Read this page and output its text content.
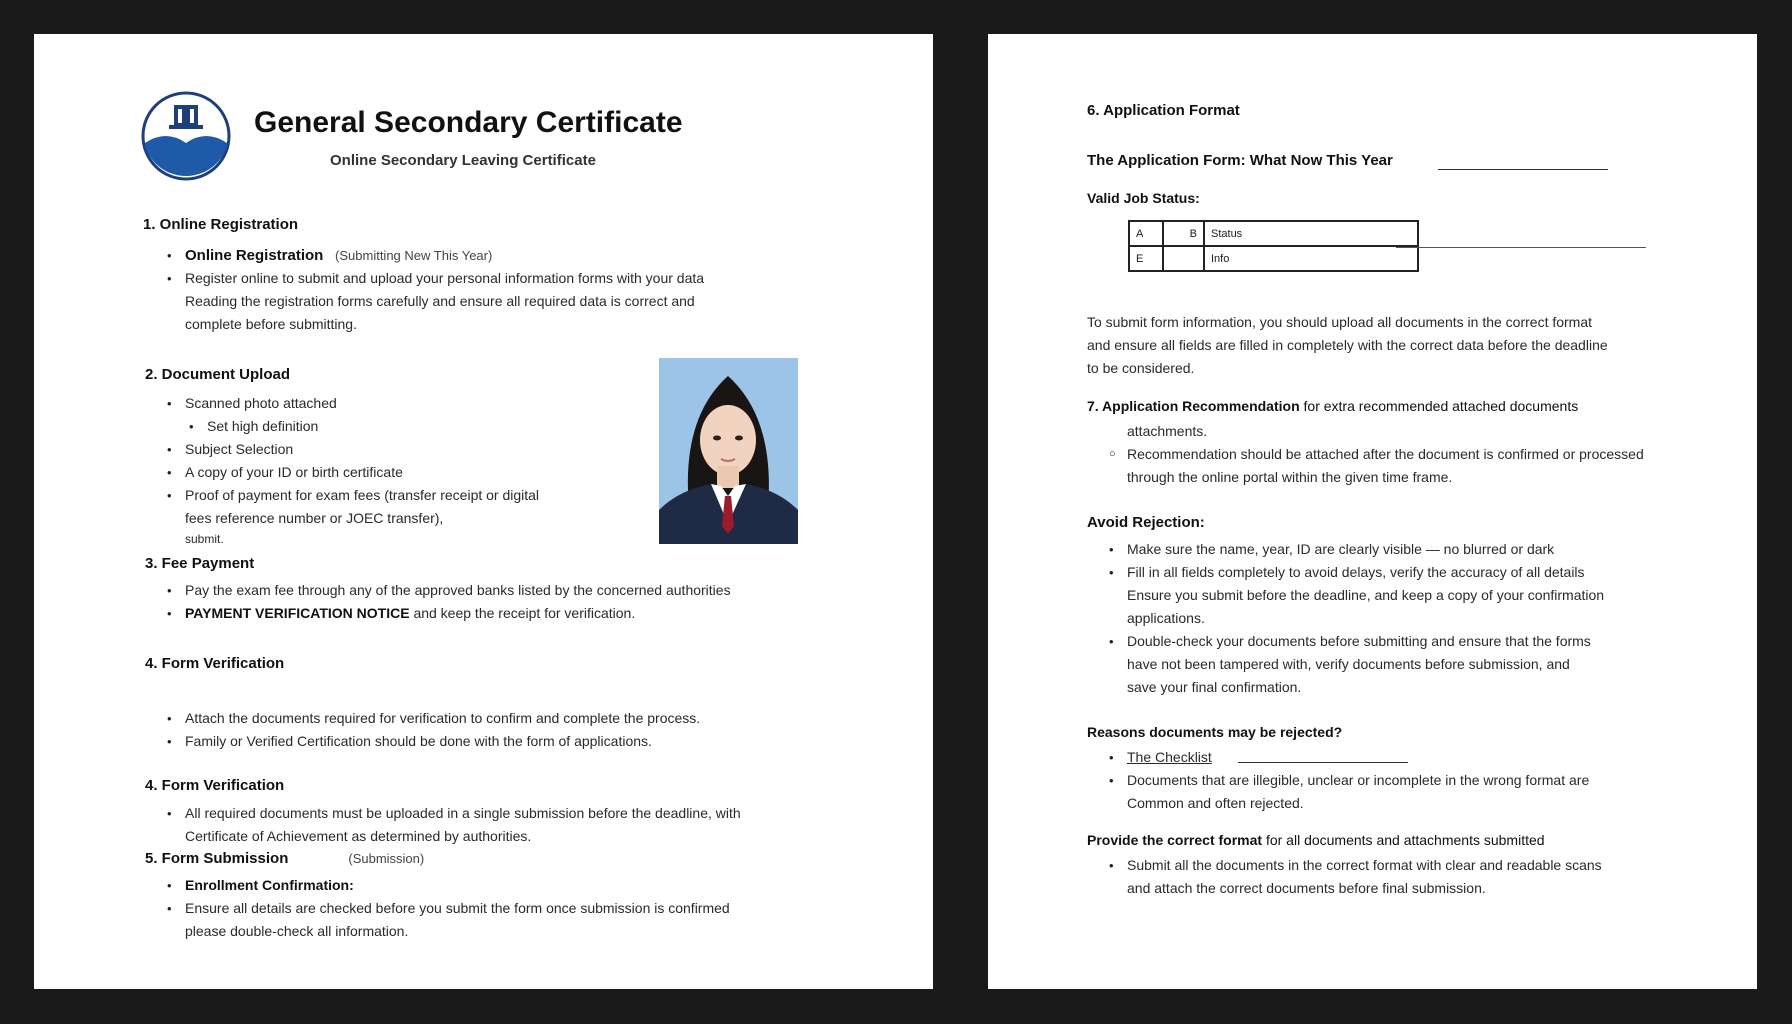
General Secondary Certificate
Online Secondary Leaving Certificate
1. Online Registration
• Online Registration (Submitting New This Year)
• Register online to submit and upload your personal information forms with your data
Reading the registration forms carefully and ensure all required data is correct and
complete before submitting.
2. Document Upload
• Scanned photo attached
• Set high definition
• Subject Selection
• A copy of your ID or birth certificate
• Proof of payment for exam fees (transfer receipt or digital
fees reference number or JOEC transfer),
submit.
3. Fee Payment
• Pay the exam fee through any of the approved banks listed by the concerned authorities
• PAYMENT VERIFICATION NOTICE and keep the receipt for verification.
4. Form Verification
• Attach the documents required for verification to confirm and complete the process.
• Family or Verified Certification should be done with the form of applications.
4. Form Verification
• All required documents must be uploaded in a single submission before the deadline, with
Certificate of Achievement as determined by authorities.
5. Form Submission	(Submission)
• Enrollment Confirmation:
• Ensure all details are checked before you submit the form once submission is confirmed
please double-check all information.
6. Application Format
The Application Form: What Now This Year
Valid Job Status:
A	B	Status
E		Info
To submit form information, you should upload all documents in the correct format
and ensure all fields are filled in completely with the correct data before the deadline
to be considered.
7. Application Recommendation for extra recommended attached documents
attachments.
○ Recommendation should be attached after the document is confirmed or processed
through the online portal within the given time frame.
Avoid Rejection:
• Make sure the name, year, ID are clearly visible — no blurred or dark
• Fill in all fields completely to avoid delays, verify the accuracy of all details
Ensure you submit before the deadline, and keep a copy of your confirmation
applications.
• Double-check your documents before submitting and ensure that the forms
have not been tampered with, verify documents before submission, and
save your final confirmation.
Reasons documents may be rejected?
• The Checklist
• Documents that are illegible, unclear or incomplete in the wrong format are
Common and often rejected.
Provide the correct format for all documents and attachments submitted
• Submit all the documents in the correct format with clear and readable scans
and attach the correct documents before final submission.
